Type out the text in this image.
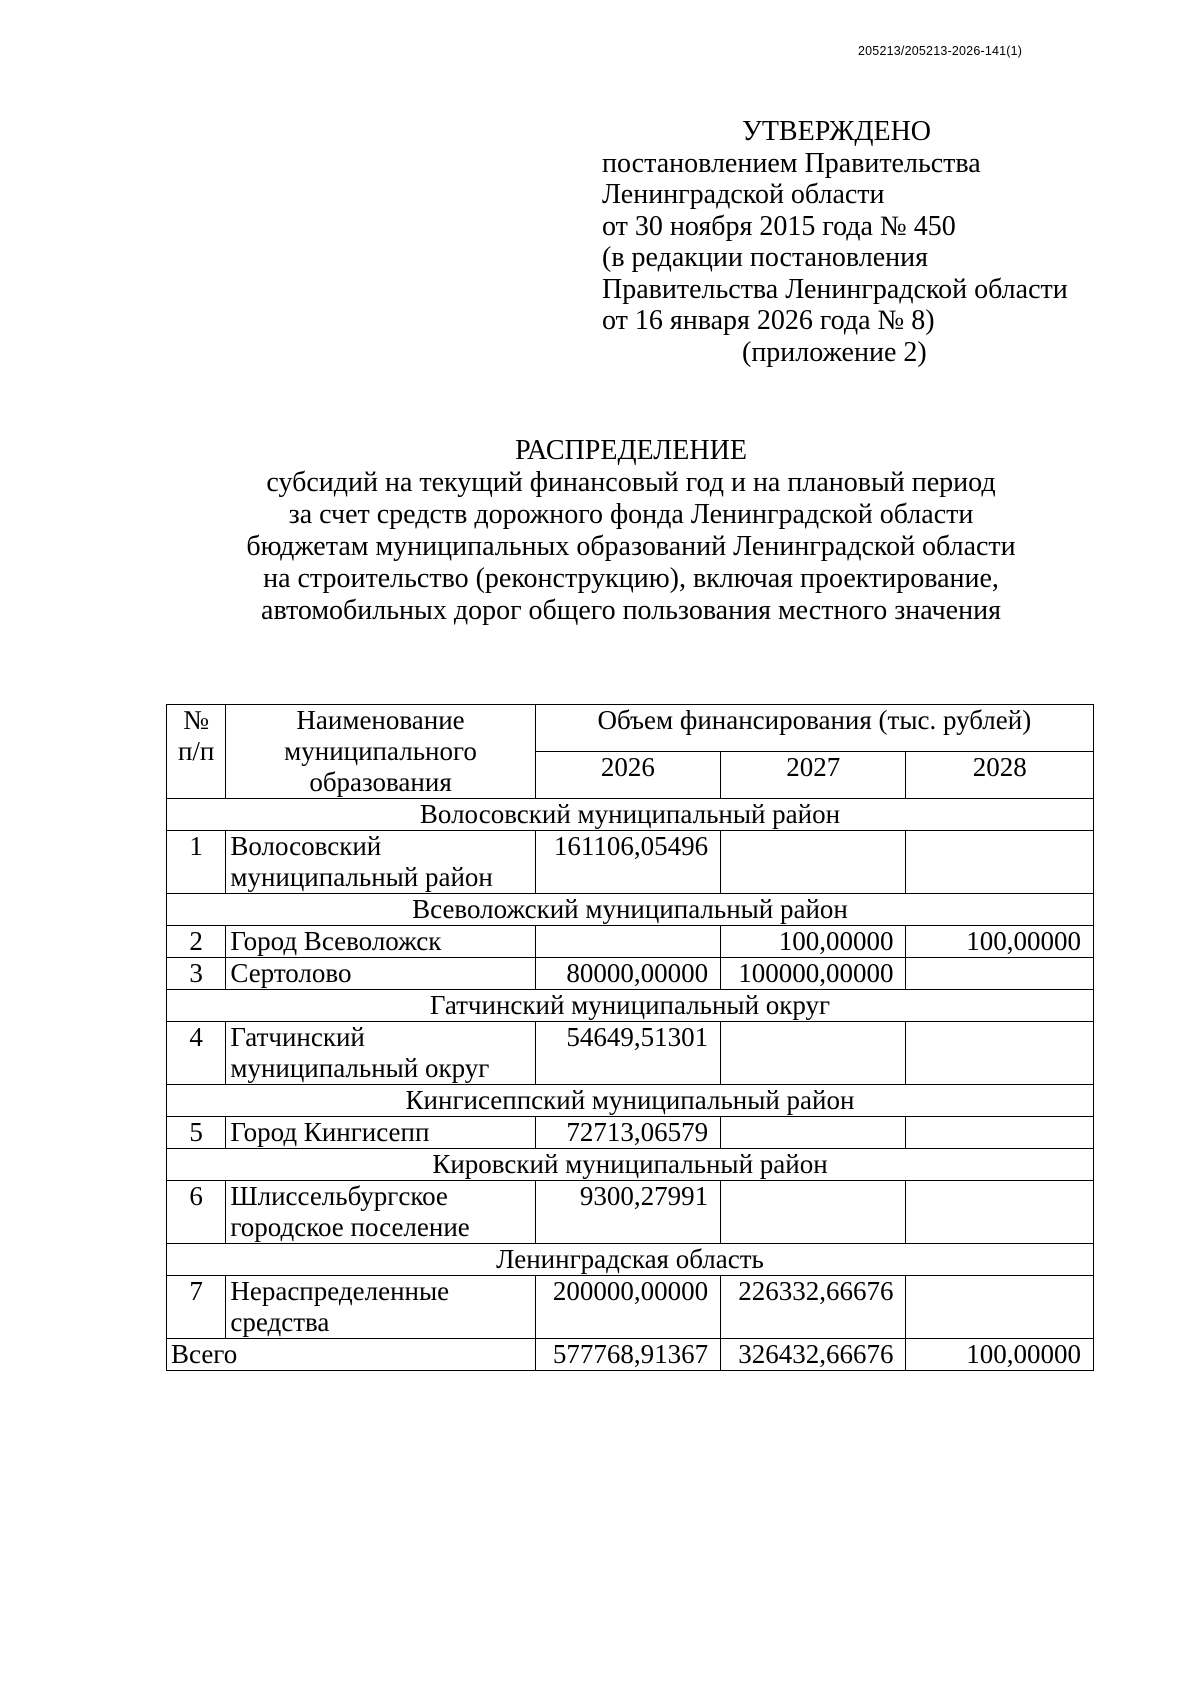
205213/205213-2026-141(1)
УТВЕРЖДЕНО
постановлением Правительства
Ленинградской области
от 30 ноября 2015 года № 450
(в редакции постановления
Правительства Ленинградской области
от 16 января 2026 года № 8)
(приложение 2)
РАСПРЕДЕЛЕНИЕ
субсидий на текущий финансовый год и на плановый период
за счет средств дорожного фонда Ленинградской области
бюджетам муниципальных образований Ленинградской области
на строительство (реконструкцию), включая проектирование,
автомобильных дорог общего пользования местного значения
№ п/п	Наименование муниципального образования	Объем финансирования (тыс. рублей)		
		2026	2027	2028
Волосовский муниципальный район				
1	Волосовский муниципальный район	161106,05496		
Всеволожский муниципальный район				
2	Город Всеволожск		100,00000	100,00000
3	Сертолово	80000,00000	100000,00000	
Гатчинский муниципальный округ				
4	Гатчинский муниципальный округ	54649,51301		
Кингисеппский муниципальный район				
5	Город Кингисепп	72713,06579		
Кировский муниципальный район				
6	Шлиссельбургское городское поселение	9300,27991		
Ленинградская область				
7	Нераспределенные средства	200000,00000	226332,66676	
Всего		577768,91367	326432,66676	100,00000
